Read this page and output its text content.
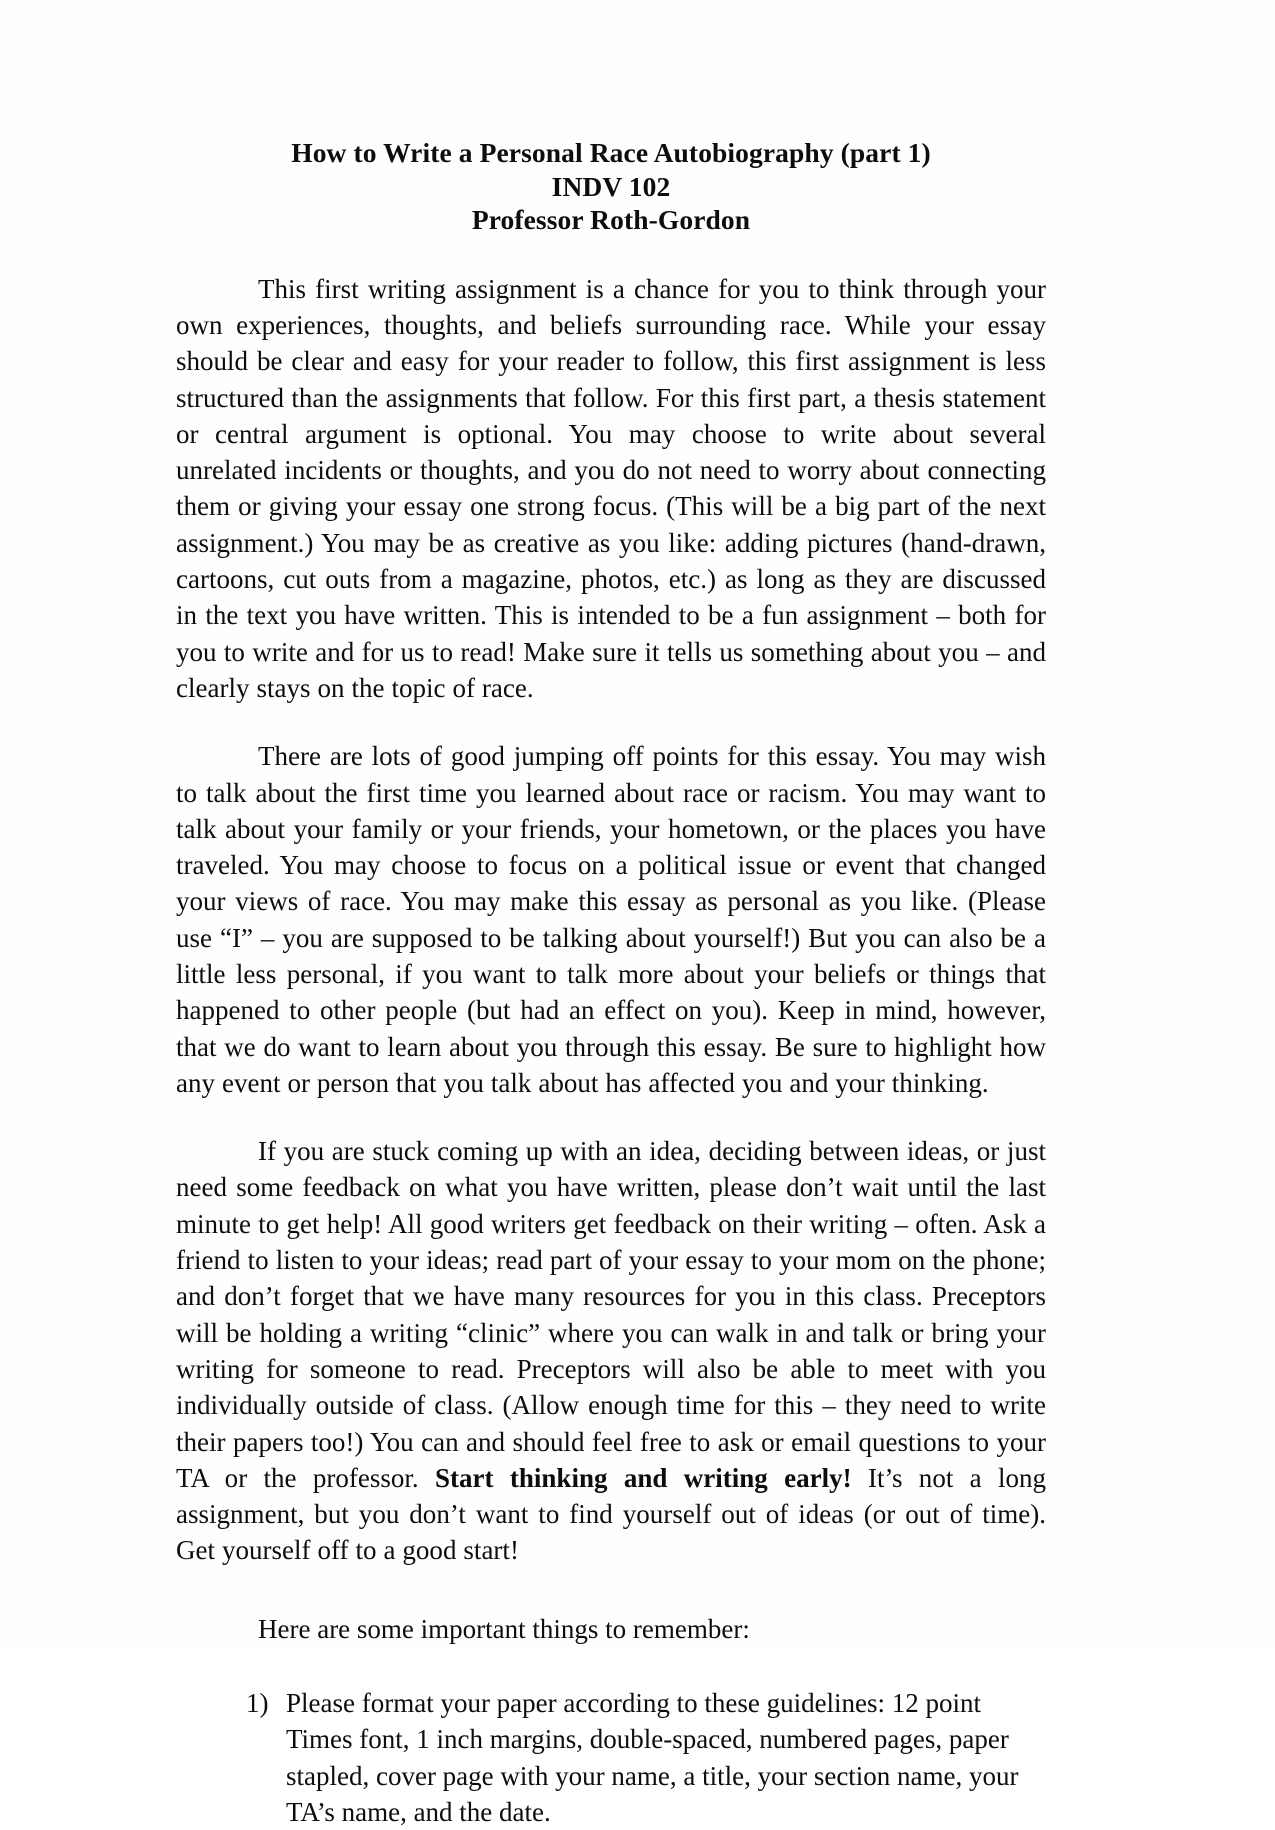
How to Write a Personal Race Autobiography (part 1)
INDV 102
Professor Roth-Gordon

This first writing assignment is a chance for you to think through your own experiences, thoughts, and beliefs surrounding race. While your essay should be clear and easy for your reader to follow, this first assignment is less structured than the assignments that follow. For this first part, a thesis statement or central argument is optional. You may choose to write about several unrelated incidents or thoughts, and you do not need to worry about connecting them or giving your essay one strong focus. (This will be a big part of the next assignment.) You may be as creative as you like: adding pictures (hand-drawn, cartoons, cut outs from a magazine, photos, etc.) as long as they are discussed in the text you have written. This is intended to be a fun assignment – both for you to write and for us to read! Make sure it tells us something about you – and clearly stays on the topic of race.

There are lots of good jumping off points for this essay. You may wish to talk about the first time you learned about race or racism. You may want to talk about your family or your friends, your hometown, or the places you have traveled. You may choose to focus on a political issue or event that changed your views of race. You may make this essay as personal as you like. (Please use “I” – you are supposed to be talking about yourself!) But you can also be a little less personal, if you want to talk more about your beliefs or things that happened to other people (but had an effect on you). Keep in mind, however, that we do want to learn about you through this essay. Be sure to highlight how any event or person that you talk about has affected you and your thinking.

If you are stuck coming up with an idea, deciding between ideas, or just need some feedback on what you have written, please don’t wait until the last minute to get help! All good writers get feedback on their writing – often. Ask a friend to listen to your ideas; read part of your essay to your mom on the phone; and don’t forget that we have many resources for you in this class. Preceptors will be holding a writing “clinic” where you can walk in and talk or bring your writing for someone to read. Preceptors will also be able to meet with you individually outside of class. (Allow enough time for this – they need to write their papers too!) You can and should feel free to ask or email questions to your TA or the professor. Start thinking and writing early! It’s not a long assignment, but you don’t want to find yourself out of ideas (or out of time). Get yourself off to a good start!

Here are some important things to remember:

1) Please format your paper according to these guidelines: 12 point Times font, 1 inch margins, double-spaced, numbered pages, paper stapled, cover page with your name, a title, your section name, your TA’s name, and the date.
